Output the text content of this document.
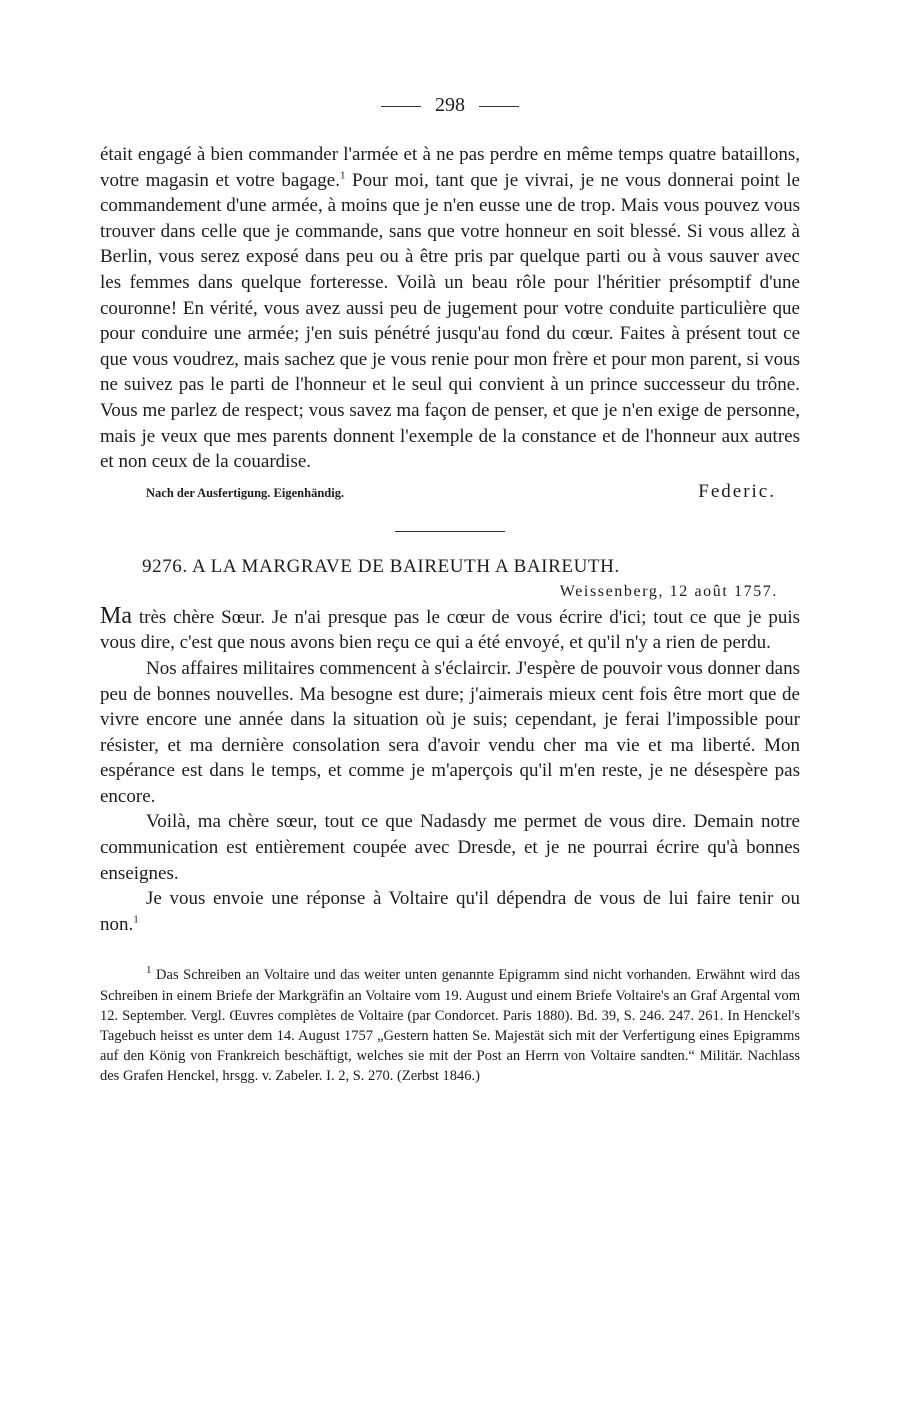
298

était engagé à bien commander l'armée et à ne pas perdre en même temps quatre bataillons, votre magasin et votre bagage.$^1$ Pour moi, tant que je vivrai, je ne vous donnerai point le commandement d'une armée, à moins que je n'en eusse une de trop. Mais vous pouvez vous trouver dans celle que je commande, sans que votre honneur en soit blessé. Si vous allez à Berlin, vous serez exposé dans peu ou à être pris par quelque parti ou à vous sauver avec les femmes dans quelque forteresse. Voilà un beau rôle pour l'héritier présomptif d'une couronne! En vérité, vous avez aussi peu de jugement pour votre conduite particulière que pour conduire une armée; j'en suis pénétré jusqu'au fond du cœur. Faites à présent tout ce que vous voudrez, mais sachez que je vous renie pour mon frère et pour mon parent, si vous ne suivez pas le parti de l'honneur et le seul qui convient à un prince successeur du trône. Vous me parlez de respect; vous savez ma façon de penser, et que je n'en exige de personne, mais je veux que mes parents donnent l'exemple de la constance et de l'honneur aux autres et non ceux de la couardise.

Nach der Ausfertigung. Eigenhändig.	Federic.
9276. A LA MARGRAVE DE BAIREUTH A BAIREUTH.
Weissenberg, 12 août 1757.

Ma très chère Sœur. Je n'ai presque pas le cœur de vous écrire d'ici; tout ce que je puis vous dire, c'est que nous avons bien reçu ce qui a été envoyé, et qu'il n'y a rien de perdu.

Nos affaires militaires commencent à s'éclaircir. J'espère de pouvoir vous donner dans peu de bonnes nouvelles. Ma besogne est dure; j'aimerais mieux cent fois être mort que de vivre encore une année dans la situation où je suis; cependant, je ferai l'impossible pour résister, et ma dernière consolation sera d'avoir vendu cher ma vie et ma liberté. Mon espérance est dans le temps, et comme je m'aperçois qu'il m'en reste, je ne désespère pas encore.

Voilà, ma chère sœur, tout ce que Nadasdy me permet de vous dire. Demain notre communication est entièrement coupée avec Dresde, et je ne pourrai écrire qu'à bonnes enseignes.

Je vous envoie une réponse à Voltaire qu'il dépendra de vous de lui faire tenir ou non.$^1$

$^1$ Das Schreiben an Voltaire und das weiter unten genannte Epigramm sind nicht vorhanden. Erwähnt wird das Schreiben in einem Briefe der Markgräfin an Voltaire vom 19. August und einem Briefe Voltaire's an Graf Argental vom 12. September. Vergl. Œuvres complètes de Voltaire (par Condorcet. Paris 1880). Bd. 39, S. 246. 247. 261. In Henckel's Tagebuch heisst es unter dem 14. August 1757 „Gestern hatten Se. Majestät sich mit der Verfertigung eines Epigramms auf den König von Frankreich beschäftigt, welches sie mit der Post an Herrn von Voltaire sandten.“ Militär. Nachlass des Grafen Henckel, hrsgg. v. Zabeler. I. 2, S. 270. (Zerbst 1846.)
